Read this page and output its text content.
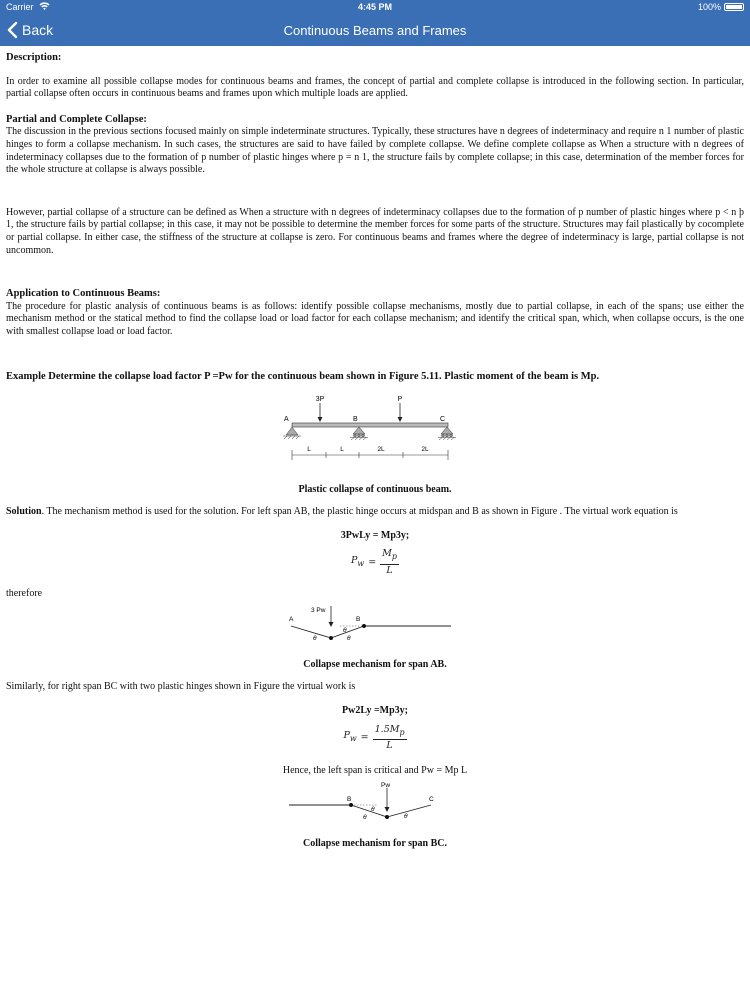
Carrier	4:45 PM	100%
Back	Continuous Beams and Frames
Description:
In order to examine all possible collapse modes for continuous beams and frames, the concept of partial and complete collapse is introduced in the following section. In particular, partial collapse often occurs in continuous beams and frames upon which multiple loads are applied.
Partial and Complete Collapse:
The discussion in the previous sections focused mainly on simple indeterminate structures. Typically, these structures have n degrees of indeterminacy and require n 1 number of plastic hinges to form a collapse mechanism. In such cases, the structures are said to have failed by complete collapse. We define complete collapse as When a structure with n degrees of indeterminacy collapses due to the formation of p number of plastic hinges where p = n 1, the structure fails by complete collapse; in this case, determination of the member forces for the whole structure at collapse is always possible.
However, partial collapse of a structure can be defined as When a structure with n degrees of indeterminacy collapses due to the formation of p number of plastic hinges where p < n þ 1, the structure fails by partial collapse; in this case, it may not be possible to determine the member forces for some parts of the structure. Structures may fail plastically by cocomplete or partial collapse. In either case, the stiffness of the structure at collapse is zero. For continuous beams and frames where the degree of indeterminacy is large, partial collapse is not uncommon.
Application to Continuous Beams:
The procedure for plastic analysis of continuous beams is as follows: identify possible collapse mechanisms, mostly due to partial collapse, in each of the spans; use either the mechanism method or the statical method to find the collapse load or load factor for each collapse mechanism; and identify the critical span, which, when collapse occurs, is the one with smallest collapse load or load factor.
Example Determine the collapse load factor P =Pw for the continuous beam shown in Figure 5.11. Plastic moment of the beam is Mp.
3P	P
A	B	C
L	L	2L	2L
Plastic collapse of continuous beam.
Solution. The mechanism method is used for the solution. For left span AB, the plastic hinge occurs at midspan and B as shown in Figure . The virtual work equation is
3PwLy = Mp3y;
$P_w = \frac{M_p}{L}$
therefore
3 Pw
A	B
θ
θ
θ
Collapse mechanism for span AB.
Similarly, for right span BC with two plastic hinges shown in Figure the virtual work is
Pw2Ly =Mp3y;
$P_w = \frac{1.5M_p}{L}$
Hence, the left span is critical and Pw = Mp L
Pw
B	C
θ
θ	θ
Collapse mechanism for span BC.
